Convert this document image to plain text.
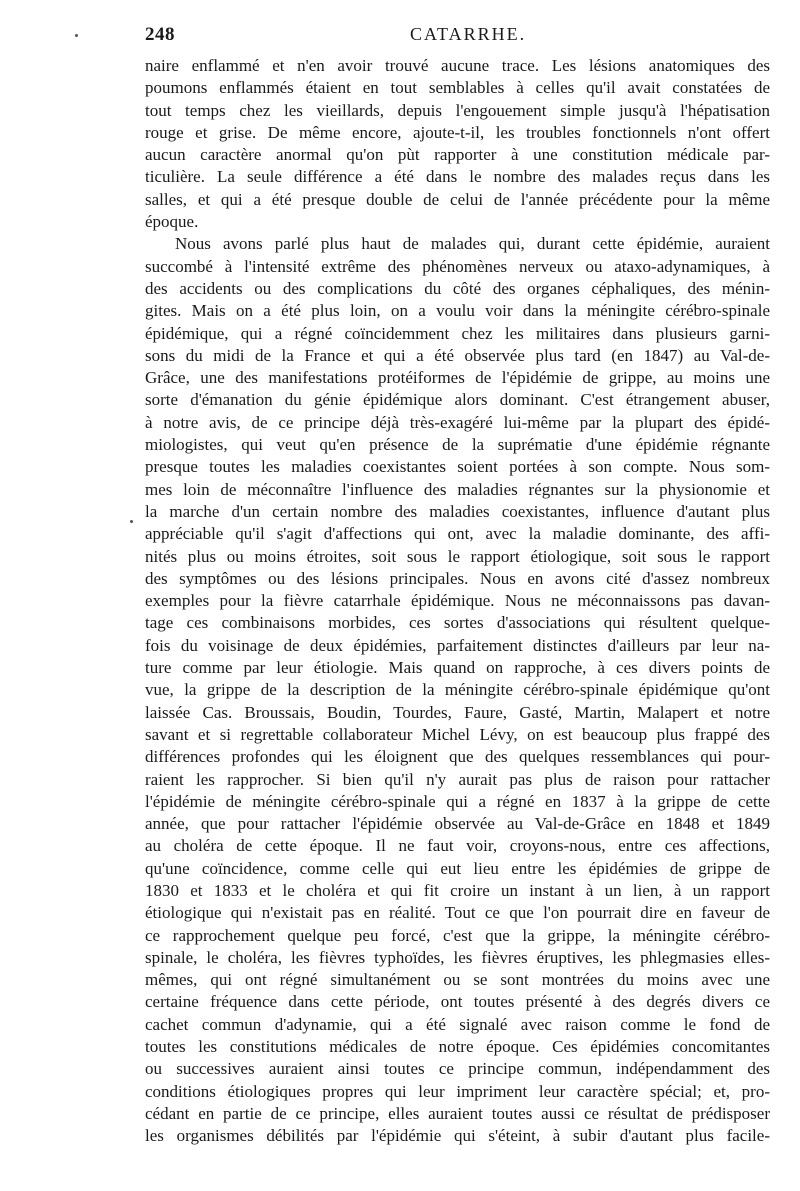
248	CATARRHE.
naire enflammé et n'en avoir trouvé aucune trace. Les lésions anatomiques des
poumons enflammés étaient en tout semblables à celles qu'il avait constatées de
tout temps chez les vieillards, depuis l'engouement simple jusqu'à l'hépatisation
rouge et grise. De même encore, ajoute-t-il, les troubles fonctionnels n'ont offert
aucun caractère anormal qu'on pùt rapporter à une constitution médicale par-
ticulière. La seule différence a été dans le nombre des malades reçus dans les
salles, et qui a été presque double de celui de l'année précédente pour la même
époque.
Nous avons parlé plus haut de malades qui, durant cette épidémie, auraient
succombé à l'intensité extrême des phénomènes nerveux ou ataxo-adynamiques, à
des accidents ou des complications du côté des organes céphaliques, des ménin-
gites. Mais on a été plus loin, on a voulu voir dans la méningite cérébro-spinale
épidémique, qui a régné coïncidemment chez les militaires dans plusieurs garni-
sons du midi de la France et qui a été observée plus tard (en 1847) au Val-de-
Grâce, une des manifestations protéiformes de l'épidémie de grippe, au moins une
sorte d'émanation du génie épidémique alors dominant. C'est étrangement abuser,
à notre avis, de ce principe déjà très-exagéré lui-même par la plupart des épidé-
miologistes, qui veut qu'en présence de la suprématie d'une épidémie régnante
presque toutes les maladies coexistantes soient portées à son compte. Nous som-
mes loin de méconnaître l'influence des maladies régnantes sur la physionomie et
la marche d'un certain nombre des maladies coexistantes, influence d'autant plus
appréciable qu'il s'agit d'affections qui ont, avec la maladie dominante, des affi-
nités plus ou moins étroites, soit sous le rapport étiologique, soit sous le rapport
des symptômes ou des lésions principales. Nous en avons cité d'assez nombreux
exemples pour la fièvre catarrhale épidémique. Nous ne méconnaissons pas davan-
tage ces combinaisons morbides, ces sortes d'associations qui résultent quelque-
fois du voisinage de deux épidémies, parfaitement distinctes d'ailleurs par leur na-
ture comme par leur étiologie. Mais quand on rapproche, à ces divers points de
vue, la grippe de la description de la méningite cérébro-spinale épidémique qu'ont
laissée Cas. Broussais, Boudin, Tourdes, Faure, Gasté, Martin, Malapert et notre
savant et si regrettable collaborateur Michel Lévy, on est beaucoup plus frappé des
différences profondes qui les éloignent que des quelques ressemblances qui pour-
raient les rapprocher. Si bien qu'il n'y aurait pas plus de raison pour rattacher
l'épidémie de méningite cérébro-spinale qui a régné en 1837 à la grippe de cette
année, que pour rattacher l'épidémie observée au Val-de-Grâce en 1848 et 1849
au choléra de cette époque. Il ne faut voir, croyons-nous, entre ces affections,
qu'une coïncidence, comme celle qui eut lieu entre les épidémies de grippe de
1830 et 1833 et le choléra et qui fit croire un instant à un lien, à un rapport
étiologique qui n'existait pas en réalité. Tout ce que l'on pourrait dire en faveur de
ce rapprochement quelque peu forcé, c'est que la grippe, la méningite cérébro-
spinale, le choléra, les fièvres typhoïdes, les fièvres éruptives, les phlegmasies elles-
mêmes, qui ont régné simultanément ou se sont montrées du moins avec une
certaine fréquence dans cette période, ont toutes présenté à des degrés divers ce
cachet commun d'adynamie, qui a été signalé avec raison comme le fond de
toutes les constitutions médicales de notre époque. Ces épidémies concomitantes
ou successives auraient ainsi toutes ce principe commun, indépendamment des
conditions étiologiques propres qui leur impriment leur caractère spécial; et, pro-
cédant en partie de ce principe, elles auraient toutes aussi ce résultat de prédisposer
les organismes débilités par l'épidémie qui s'éteint, à subir d'autant plus facile-
